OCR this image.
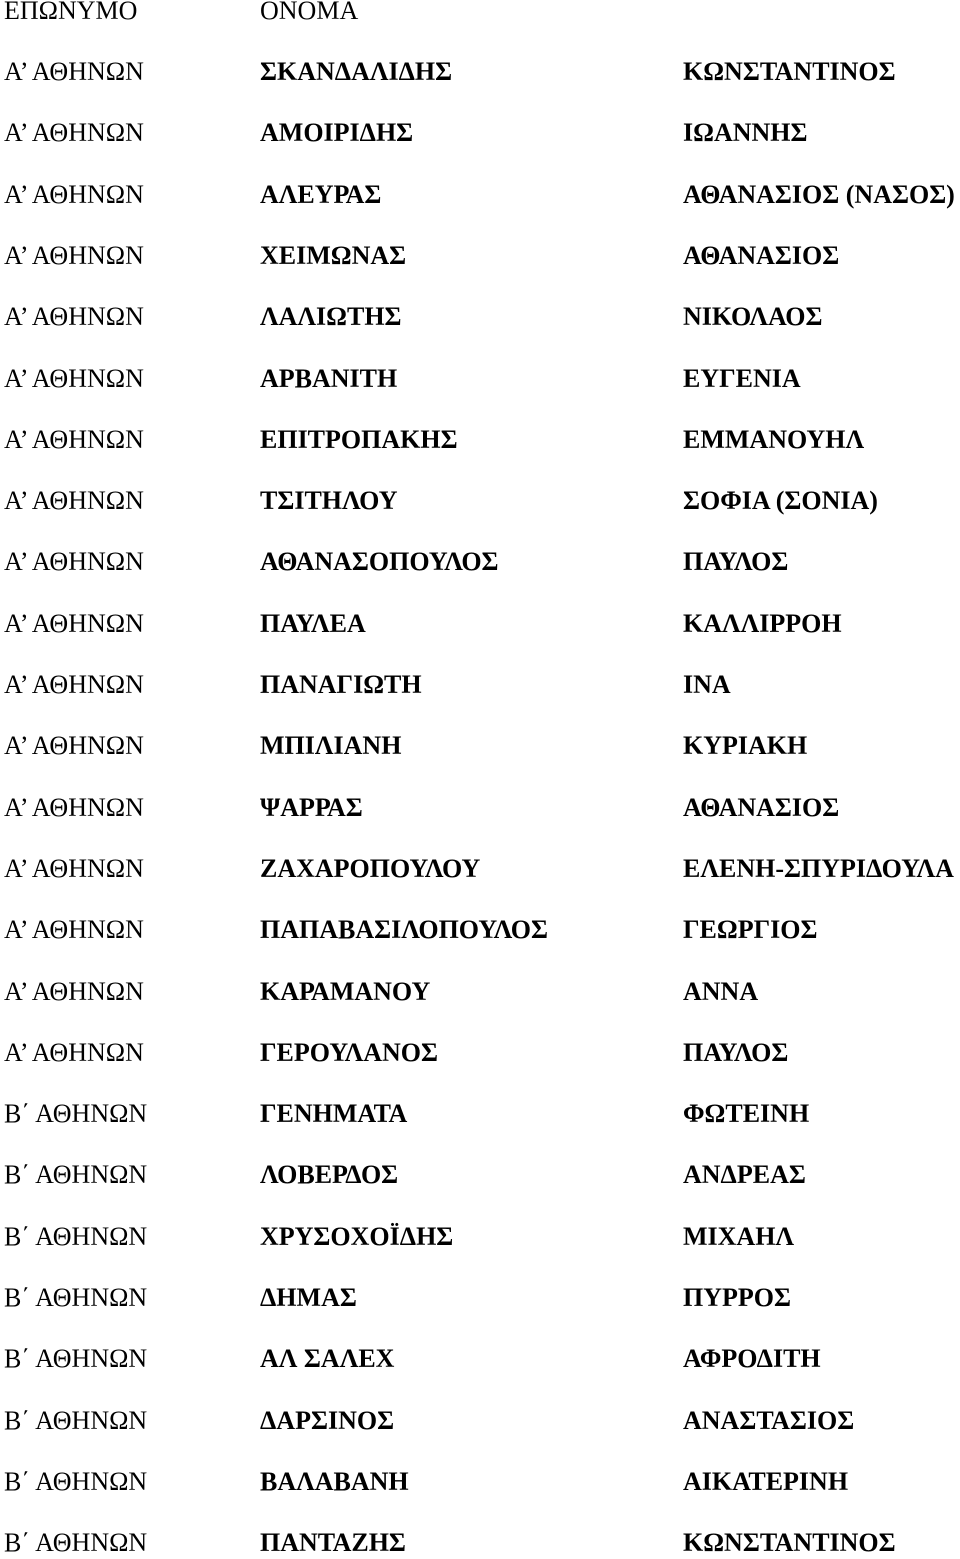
ΕΠΩΝΥΜΟ	ΟΝΟΜΑ
Α’ ΑΘΗΝΩΝ	ΣΚΑΝΔΑΛΙΔΗΣ	ΚΩΝΣΤΑΝΤΙΝΟΣ
Α’ ΑΘΗΝΩΝ	ΑΜΟΙΡΙΔΗΣ	ΙΩΑΝΝΗΣ
Α’ ΑΘΗΝΩΝ	ΑΛΕΥΡΑΣ	ΑΘΑΝΑΣΙΟΣ (ΝΑΣΟΣ)
Α’ ΑΘΗΝΩΝ	ΧΕΙΜΩΝΑΣ	ΑΘΑΝΑΣΙΟΣ
Α’ ΑΘΗΝΩΝ	ΛΑΛΙΩΤΗΣ	ΝΙΚΟΛΑΟΣ
Α’ ΑΘΗΝΩΝ	ΑΡΒΑΝΙΤΗ	ΕΥΓΕΝΙΑ
Α’ ΑΘΗΝΩΝ	ΕΠΙΤΡΟΠΑΚΗΣ	ΕΜΜΑΝΟΥΗΛ
Α’ ΑΘΗΝΩΝ	ΤΣΙΤΗΛΟΥ	ΣΟΦΙΑ (ΣΟΝΙΑ)
Α’ ΑΘΗΝΩΝ	ΑΘΑΝΑΣΟΠΟΥΛΟΣ	ΠΑΥΛΟΣ
Α’ ΑΘΗΝΩΝ	ΠΑΥΛΕΑ	ΚΑΛΛΙΡΡΟΗ
Α’ ΑΘΗΝΩΝ	ΠΑΝΑΓΙΩΤΗ	ΙΝΑ
Α’ ΑΘΗΝΩΝ	ΜΠΙΛΙΑΝΗ	ΚΥΡΙΑΚΗ
Α’ ΑΘΗΝΩΝ	ΨΑΡΡΑΣ	ΑΘΑΝΑΣΙΟΣ
Α’ ΑΘΗΝΩΝ	ΖΑΧΑΡΟΠΟΥΛΟΥ	ΕΛΕΝΗ-ΣΠΥΡΙΔΟΥΛΑ
Α’ ΑΘΗΝΩΝ	ΠΑΠΑΒΑΣΙΛΟΠΟΥΛΟΣ	ΓΕΩΡΓΙΟΣ
Α’ ΑΘΗΝΩΝ	ΚΑΡΑΜΑΝΟΥ	ΑΝΝΑ
Α’ ΑΘΗΝΩΝ	ΓΕΡΟΥΛΑΝΟΣ	ΠΑΥΛΟΣ
Β΄ ΑΘΗΝΩΝ	ΓΕΝΗΜΑΤΑ	ΦΩΤΕΙΝΗ
Β΄ ΑΘΗΝΩΝ	ΛΟΒΕΡΔΟΣ	ΑΝΔΡΕΑΣ
Β΄ ΑΘΗΝΩΝ	ΧΡΥΣΟΧΟΪΔΗΣ	ΜΙΧΑΗΛ
Β΄ ΑΘΗΝΩΝ	ΔΗΜΑΣ	ΠΥΡΡΟΣ
Β΄ ΑΘΗΝΩΝ	ΑΛ ΣΑΛΕΧ	ΑΦΡΟΔΙΤΗ
Β΄ ΑΘΗΝΩΝ	ΔΑΡΣΙΝΟΣ	ΑΝΑΣΤΑΣΙΟΣ
Β΄ ΑΘΗΝΩΝ	ΒΑΛΑΒΑΝΗ	ΑΙΚΑΤΕΡΙΝΗ
Β΄ ΑΘΗΝΩΝ	ΠΑΝΤΑΖΗΣ	ΚΩΝΣΤΑΝΤΙΝΟΣ
